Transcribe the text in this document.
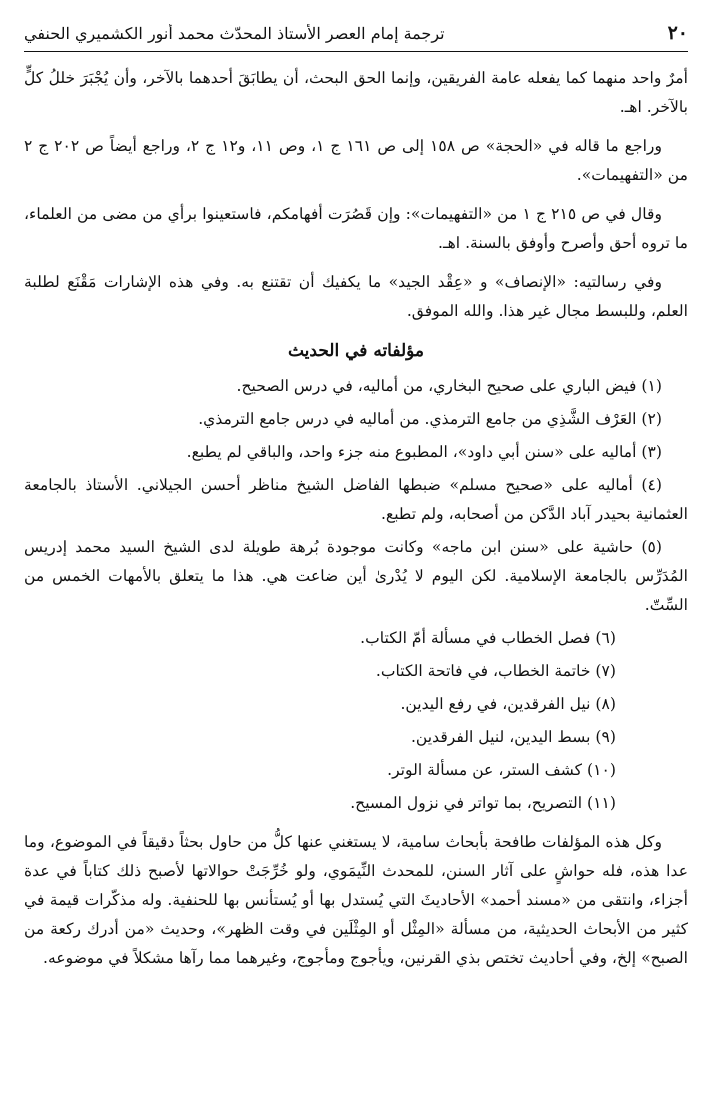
٢٠
ترجمة إمام العصر الأستاذ المحدّث محمد أنور الكشميري الحنفي

أمرٌ واحد منهما كما يفعله عامة الفريقين، وإنما الحق البحث، أن يطابَقَ أحدهما بالآخر، وأن يُجْبَرَ خللُ كلٍّ بالآخر. اهـ.

وراجع ما قاله في «الحجة» ص ١٥٨ إلى ص ١٦١ ج ١، وص ١١، و١٢ ج ٢، وراجع أيضاً ص ٢٠٢ ج ٢ من «التفهيمات».

وقال في ص ٢١٥ ج ١ من «التفهيمات»: وإن قَصُرَت أفهامكم، فاستعينوا برأي من مضى من العلماء، ما تروه أحق وأصرح وأوفق بالسنة. اهـ.

وفي رسالتيه: «الإنصاف» و «عِقْد الجيد» ما يكفيك أن تقتنع به. وفي هذه الإشارات مَقْنَع لطلبة العلم، وللبسط مجال غير هذا. والله الموفق.

مؤلفاته في الحديث

(١) فيض الباري على صحيح البخاري، من أماليه، في درس الصحيح.

(٢) العَرْف الشَّذِي من جامع الترمذي. من أماليه في درس جامع الترمذي.

(٣) أماليه على «سنن أبي داود»، المطبوع منه جزء واحد، والباقي لم يطبع.

(٤) أماليه على «صحيح مسلم» ضبطها الفاضل الشيخ مناظر أحسن الجيلاني. الأستاذ بالجامعة العثمانية بحيدر آباد الدَّكن من أصحابه، ولم تطبع.

(٥) حاشية على «سنن ابن ماجه» وكانت موجودة بُرهة طويلة لدى الشيخ السيد محمد إدريس المُدَرِّس بالجامعة الإسلامية. لكن اليوم لا يُدْرىٰ أين ضاعت هي. هذا ما يتعلق بالأمهات الخمس من السِّتّ.

(٦) فصل الخطاب في مسألة أمّ الكتاب.

(٧) خاتمة الخطاب، في فاتحة الكتاب.

(٨) نيل الفرقدين، في رفع اليدين.

(٩) بسط اليدين، لنيل الفرقدين.

(١٠) كشف الستر، عن مسألة الوتر.

(١١) التصريح، بما تواتر في نزول المسيح.

وكل هذه المؤلفات طافحة بأبحاث سامية، لا يستغني عنها كلُّ من حاول بحثاً دقيقاً في الموضوع، وما عدا هذه، فله حواشٍ على آثار السنن، للمحدث النِّيمَوي، ولو خُرِّجَتْ حوالاتها لأصبح ذلك كتاباً في عدة أجزاء، وانتقى من «مسند أحمد» الأحاديثَ التي يُستدل بها أو يُستأنس بها للحنفية. وله مذكّرات قيمة في كثير من الأبحاث الحديثية، من مسألة «المِثْل أو المِثْلَين في وقت الظهر»، وحديث «من أدرك ركعة من الصبح» إلخ، وفي أحاديث تختص بذي القرنين، ويأجوج ومأجوج، وغيرهما مما رآها مشكلاً في موضوعه.
